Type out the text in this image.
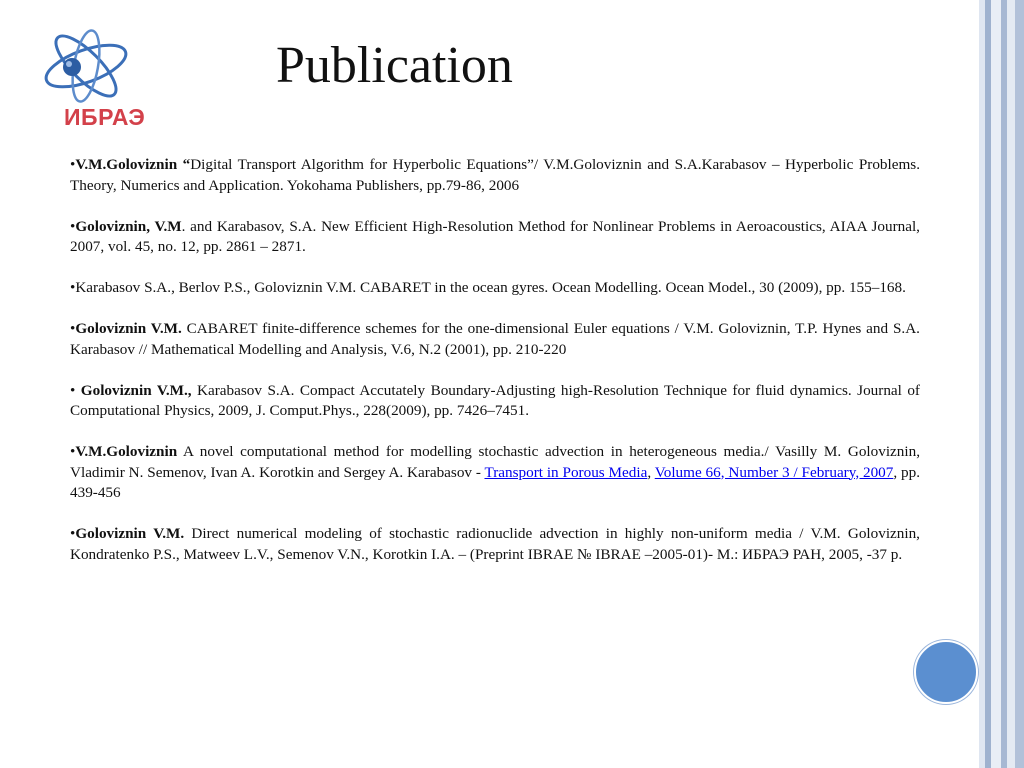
ИБРАЭ
Publication

•V.M.Goloviznin “Digital Transport Algorithm for Hyperbolic Equations”/ V.M.Goloviznin and S.A.Karabasov – Hyperbolic Problems. Theory, Numerics and Application. Yokohama Publishers, pp.79-86, 2006

•Goloviznin, V.M. and Karabasov, S.A. New Efficient High-Resolution Method for Nonlinear Problems in Aeroacoustics, AIAA Journal, 2007, vol. 45, no. 12, pp. 2861 – 2871.

•Karabasov S.A., Berlov P.S., Goloviznin V.M. CABARET in the ocean gyres. Ocean Modelling. Ocean Model., 30 (2009), pp. 155–168.

•Goloviznin V.M. CABARET finite-difference schemes for the one-dimensional Euler equations / V.M. Goloviznin, T.P. Hynes and S.A. Karabasov // Mathematical Modelling and Analysis, V.6, N.2 (2001), pp. 210-220

• Goloviznin V.M., Karabasov S.A. Compact Accutately Boundary-Adjusting high-Resolution Technique for fluid dynamics. Journal of Computational Physics, 2009, J. Comput.Phys., 228(2009), pp. 7426–7451.

•V.M.Goloviznin A novel computational method for modelling stochastic advection in heterogeneous media./ Vasilly M. Goloviznin, Vladimir N. Semenov, Ivan A. Korotkin and Sergey A. Karabasov - Transport in Porous Media, Volume 66, Number 3 / February, 2007, pp. 439-456

•Goloviznin V.M. Direct numerical modeling of stochastic radionuclide advection in highly non-uniform media / V.M. Goloviznin, Kondratenko P.S., Matweev L.V., Semenov V.N., Korotkin I.A. – (Preprint IBRAE № IBRAE –2005-01)- M.: ИБРАЭ РАН, 2005, -37 p.
